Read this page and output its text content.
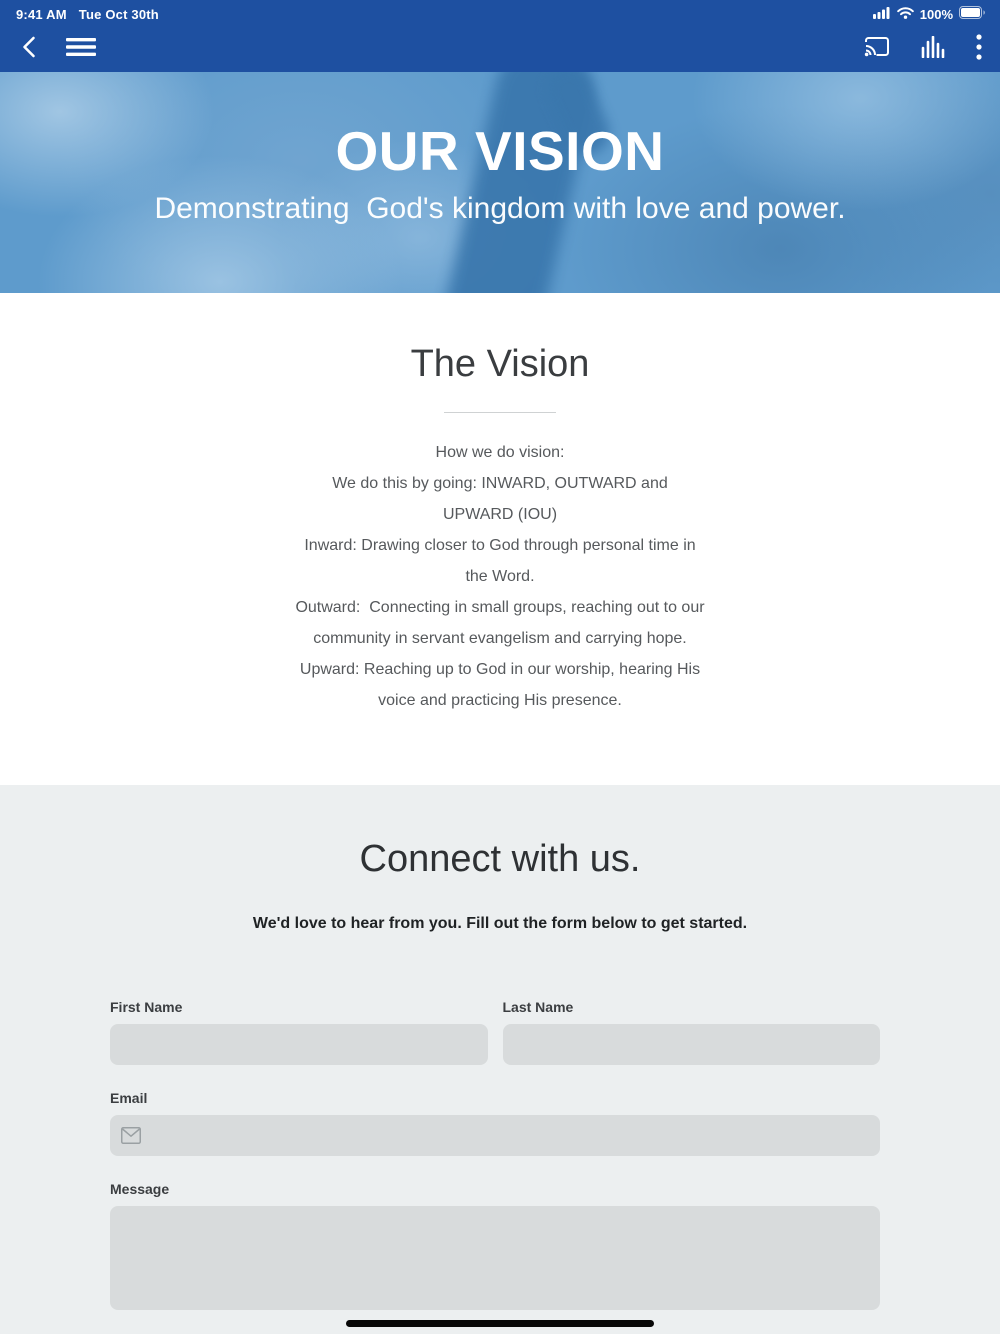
9:41 AM Tue Oct 30th	100%
OUR VISION

Demonstrating  God's kingdom with love and power.

The Vision
How we do vision:
We do this by going: INWARD, OUTWARD and
UPWARD (IOU)
Inward: Drawing closer to God through personal time in
the Word.
Outward:  Connecting in small groups, reaching out to our
community in servant evangelism and carrying hope.
Upward: Reaching up to God in our worship, hearing His
voice and practicing His presence.
Connect with us.

We'd love to hear from you. Fill out the form below to get started.

First Name	Last Name
Email
Message
